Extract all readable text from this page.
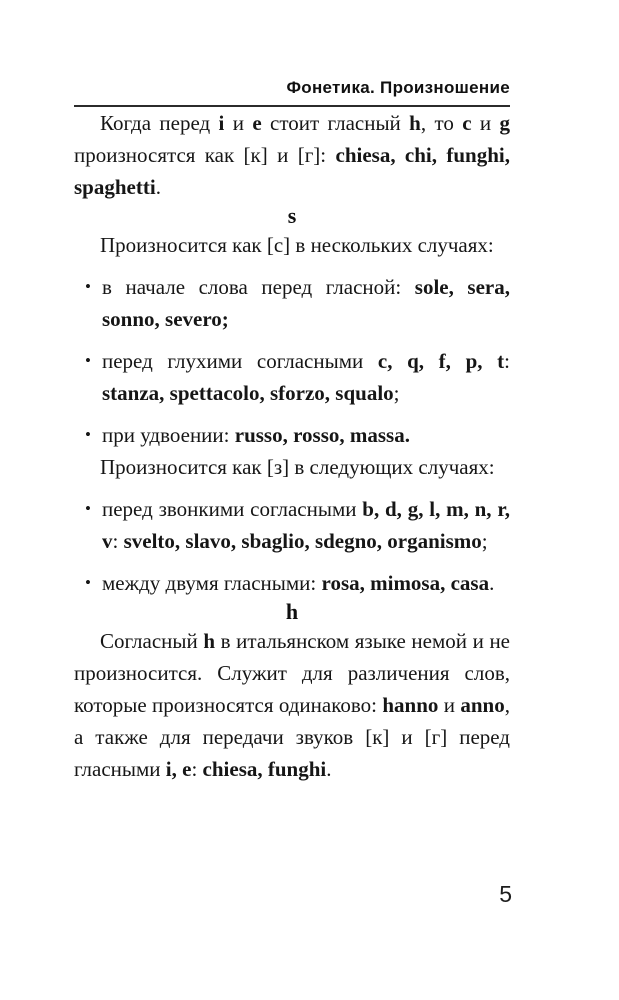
Фонетика. Произношение

Когда перед i и e стоит гласный h, то c и g произносятся как [к] и [г]: chiesa, chi, funghi, spaghetti.

s

Произносится как [с] в нескольких случаях:

• в начале слова перед гласной: sole, sera, sonno, severo;
• перед глухими согласными c, q, f, p, t: stanza, spettacolo, sforzo, squalo;
• при удвоении: russo, rosso, massa.

Произносится как [з] в следующих случаях:

• перед звонкими согласными b, d, g, l, m, n, r, v: svelto, slavo, sbaglio, sdegno, organismo;
• между двумя гласными: rosa, mimosa, casa.
h

Согласный h в итальянском языке немой и не произносится. Служит для различения слов, которые произносятся одинаково: hanno и anno, а также для передачи звуков [к] и [г] перед гласными i, e: chiesa, funghi.

5
